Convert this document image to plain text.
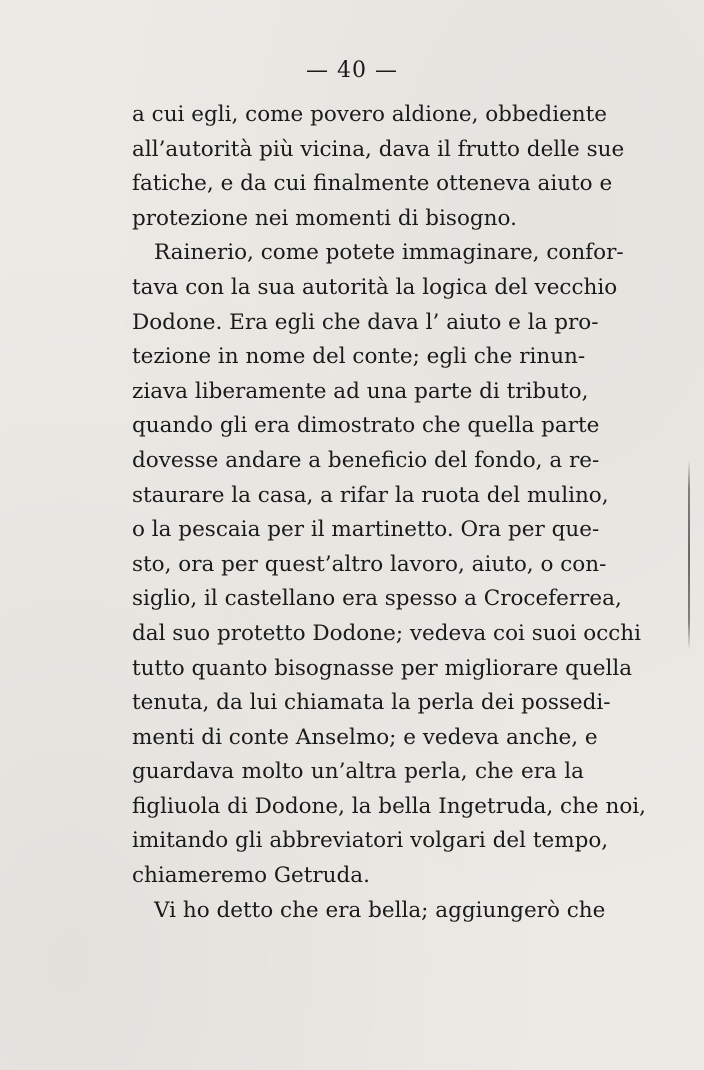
— 40 —
a cui egli, come povero aldione, obbediente
all’autorità più vicina, dava il frutto delle sue
fatiche, e da cui finalmente otteneva aiuto e
protezione nei momenti di bisogno.
Rainerio, come potete immaginare, confor-
tava con la sua autorità la logica del vecchio
Dodone. Era egli che dava l’ aiuto e la pro-
tezione in nome del conte; egli che rinun-
ziava liberamente ad una parte di tributo,
quando gli era dimostrato che quella parte
dovesse andare a beneficio del fondo, a re-
staurare la casa, a rifar la ruota del mulino,
o la pescaia per il martinetto. Ora per que-
sto, ora per quest’altro lavoro, aiuto, o con-
siglio, il castellano era spesso a Croceferrea,
dal suo protetto Dodone; vedeva coi suoi occhi
tutto quanto bisognasse per migliorare quella
tenuta, da lui chiamata la perla dei possedi-
menti di conte Anselmo; e vedeva anche, e
guardava molto un’altra perla, che era la
figliuola di Dodone, la bella Ingetruda, che noi,
imitando gli abbreviatori volgari del tempo,
chiameremo Getruda.
Vi ho detto che era bella; aggiungerò che
